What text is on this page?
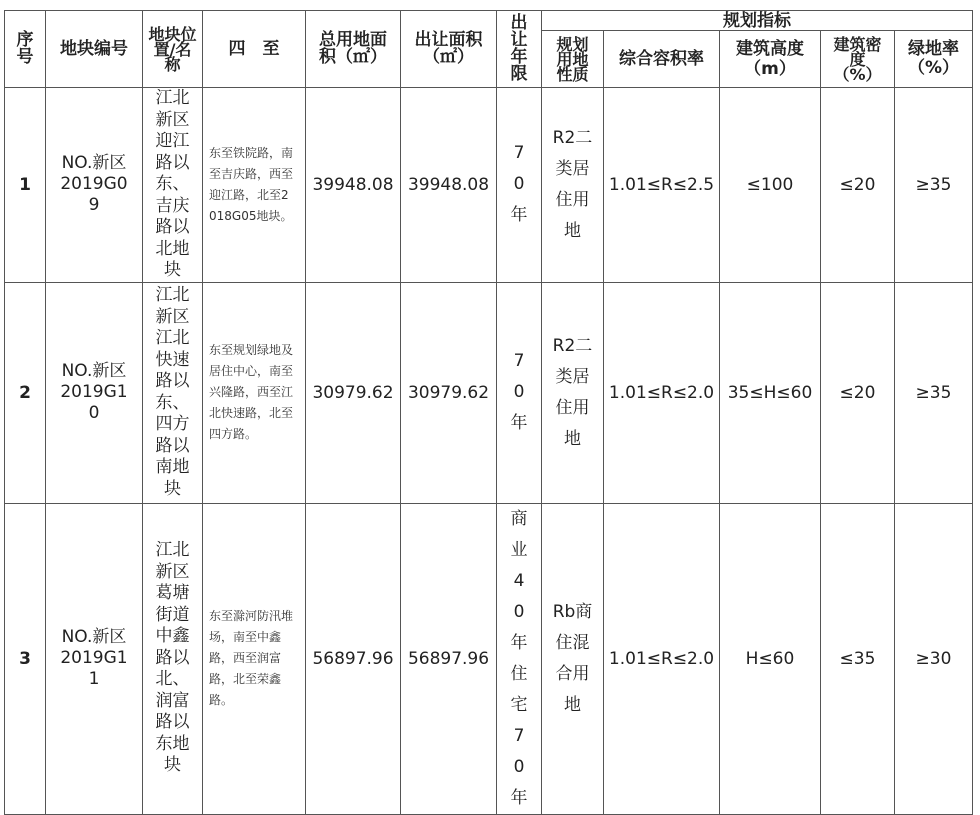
序号	地块编号	地块位置/名称	四　至	总用地面积（㎡）	出让面积（㎡）	出让年限	规划指标				

							规划用地性质	综合容积率	建筑高度（m）	建筑密度（%）	绿地率（%）

1	NO.新区2019G09	江北新区迎江路以东、吉庆路以北地块	东至铁院路，南至吉庆路，西至迎江路，北至2018G05地块。	39948.08	39948.08	70年	R2二类居住用地	1.01≤R≤2.5	≤100	≤20	≥35
2	NO.新区2019G10	江北新区江北快速路以东、四方路以南地块	东至规划绿地及居住中心，南至兴隆路，西至江北快速路，北至四方路。	30979.62	30979.62	70年	R2二类居住用地	1.01≤R≤2.0	35≤H≤60	≤20	≥35
3	NO.新区2019G11	江北新区葛塘街道中鑫路以北、润富路以东地块	东至滁河防汛堆场，南至中鑫路，西至润富路，北至荣鑫路。	56897.96	56897.96	商业40年住宅70年	Rb商住混合用地	1.01≤R≤2.0	H≤60	≤35	≥30
